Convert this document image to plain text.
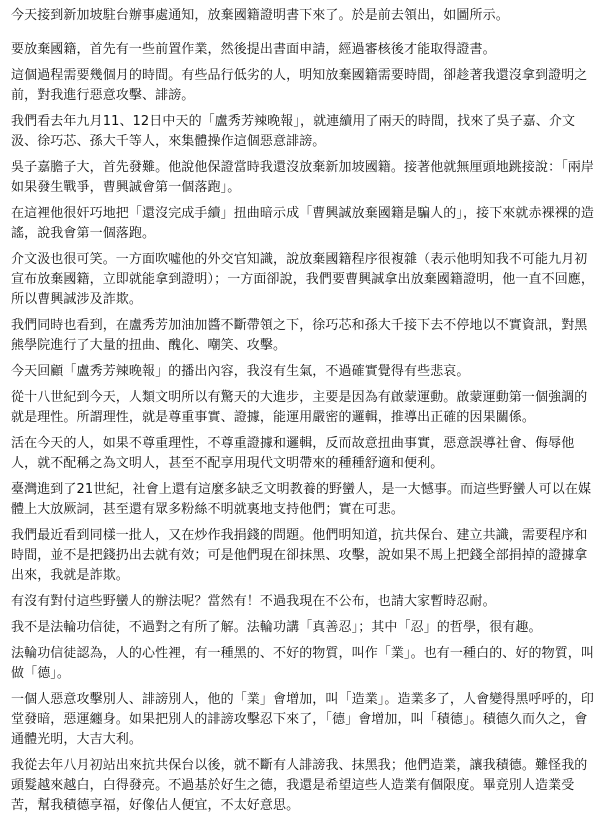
今天接到新加坡駐台辦事處通知，放棄國籍證明書下來了。於是前去領出，如圖所示。

要放棄國籍，首先有一些前置作業，然後提出書面申請，經過審核後才能取得證書。

這個過程需要幾個月的時間。有些品行低劣的人，明知放棄國籍需要時間，卻趁著我還沒拿到證明之前，對我進行惡意攻擊、誹謗。

我們看去年九月11、12日中天的「盧秀芳辣晚報」，就連續用了兩天的時間，找來了吳子嘉、介文汲、徐巧芯、孫大千等人，來集體操作這個惡意誹謗。

吳子嘉膽子大，首先發難。他說他保證當時我還沒放棄新加坡國籍。接著他就無厘頭地跳接說：「兩岸如果發生戰爭，曹興誠會第一個落跑」。

在這裡他很奸巧地把「還沒完成手續」扭曲暗示成「曹興誠放棄國籍是騙人的」，接下來就赤裸裸的造謠，說我會第一個落跑。

介文汲也很可笑。一方面吹噓他的外交官知識，說放棄國籍程序很複雜（表示他明知我不可能九月初宣布放棄國籍，立即就能拿到證明）；一方面卻說，我們要曹興誠拿出放棄國籍證明，他一直不回應，所以曹興誠涉及詐欺。

我們同時也看到，在盧秀芳加油加醬不斷帶領之下，徐巧芯和孫大千接下去不停地以不實資訊，對黑熊學院進行了大量的扭曲、醜化、嘲笑、攻擊。

今天回顧「盧秀芳辣晚報」的播出內容，我沒有生氣，不過確實覺得有些悲哀。

從十八世紀到今天，人類文明所以有驚天的大進步，主要是因為有啟蒙運動。啟蒙運動第一個強調的就是理性。所謂理性，就是尊重事實、證據，能運用嚴密的邏輯，推導出正確的因果關係。

活在今天的人，如果不尊重理性，不尊重證據和邏輯，反而故意扭曲事實，惡意誤導社會、侮辱他人，就不配稱之為文明人，甚至不配享用現代文明帶來的種種舒適和便利。

臺灣進到了21世紀，社會上還有這麼多缺乏文明教養的野蠻人，是一大憾事。而這些野蠻人可以在媒體上大放厥詞，甚至還有眾多粉絲不明就裏地支持他們；實在可悲。

我們最近看到同樣一批人，又在炒作我捐錢的問題。他們明知道，抗共保台、建立共識，需要程序和時間，並不是把錢扔出去就有效；可是他們現在卻抹黑、攻擊，說如果不馬上把錢全部捐掉的證據拿出來，我就是詐欺。

有沒有對付這些野蠻人的辦法呢？當然有！不過我現在不公布，也請大家暫時忍耐。

我不是法輪功信徒，不過對之有所了解。法輪功講「真善忍」；其中「忍」的哲學，很有趣。

法輪功信徒認為，人的心性裡，有一種黑的、不好的物質，叫作「業」。也有一種白的、好的物質，叫做「德」。

一個人惡意攻擊別人、誹謗別人，他的「業」會增加，叫「造業」。造業多了，人會變得黑呼呼的，印堂發暗，惡運纏身。如果把別人的誹謗攻擊忍下來了，「德」會增加，叫「積德」。積德久而久之，會通體光明，大吉大利。

我從去年八月初站出來抗共保台以後，就不斷有人誹謗我、抹黑我；他們造業，讓我積德。難怪我的頭髮越來越白，白得發亮。不過基於好生之德，我還是希望這些人造業有個限度。畢竟別人造業受苦，幫我積德享福，好像佔人便宜，不太好意思。
